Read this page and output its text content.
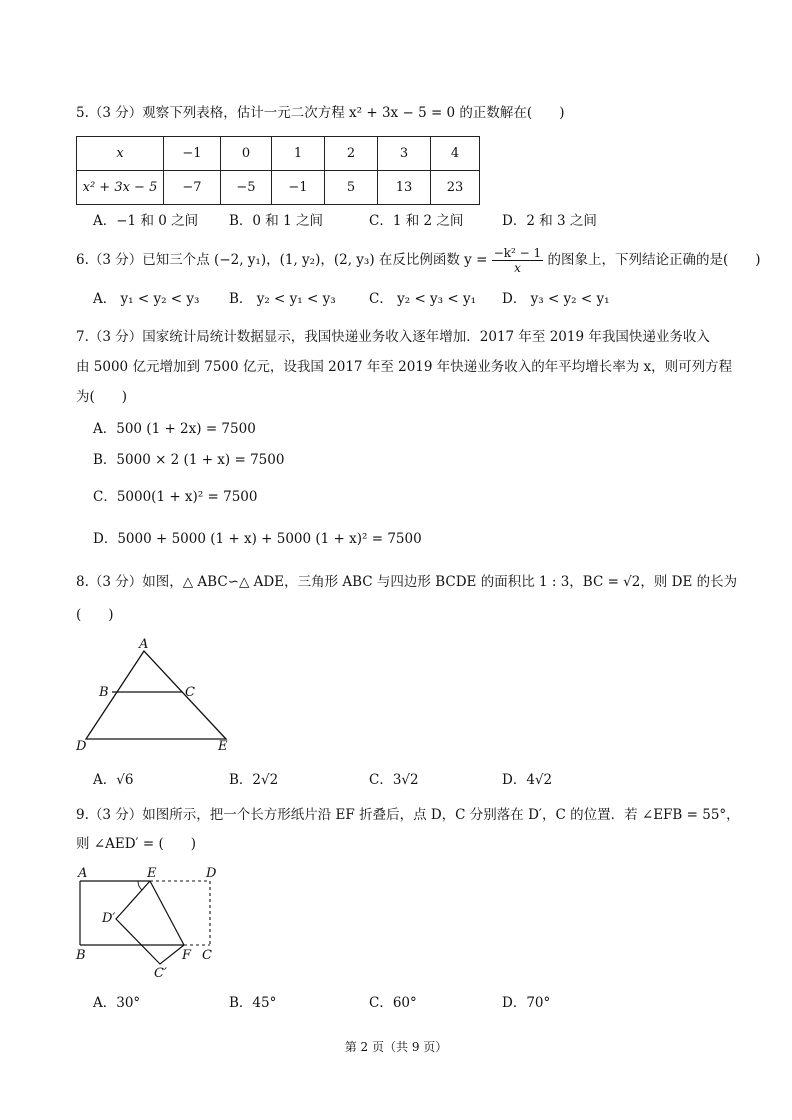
5.（3 分）观察下列表格，估计一元二次方程 x² + 3x − 5 = 0 的正数解在(　　)
x	−1	0	1	2	3	4
x² + 3x − 5	−7	−5	−1	5	13	23
A．−1 和 0 之间 B．0 和 1 之间	C．1 和 2 之间	D．2 和 3 之间
6.（3 分）已知三个点 (−2, y₁)，(1, y₂)，(2, y₃) 在反比例函数 $y = \frac{\text{−k² − 1}}{x}$ 的图象上，下列结论正确的是(　　)
A． y₁ < y₂ < y₃ B． y₂ < y₁ < y₃ C． y₂ < y₃ < y₁ D． y₃ < y₂ < y₁
7.（3 分）国家统计局统计数据显示，我国快递业务收入逐年增加．2017 年至 2019 年我国快递业务收入
由 5000 亿元增加到 7500 亿元，设我国 2017 年至 2019 年快递业务收入的年平均增长率为 x，则可列方程
为(　　)
A．500 (1 + 2x) = 7500
B．5000 × 2 (1 + x) = 7500
C．5000(1 + x)² = 7500
D．5000 + 5000 (1 + x) + 5000 (1 + x)² = 7500
8.（3 分）如图，△ ABC∽△ ADE，三角形 ABC 与四边形 BCDE 的面积比 1 : 3，BC = √2，则 DE 的长为
(　　)
A
B	C
D	E
A．√6	B．2√2	C．3√2	D．4√2
9.（3 分）如图所示，把一个长方形纸片沿 EF 折叠后，点 D，C 分别落在 D′，C 的位置．若 ∠EFB = 55°，
则 ∠AED′ = (　　)
A	E	D
D′
B	F C
C′
A．30°	B．45°	C．60°	D．70°
第 2 页（共 9 页）
